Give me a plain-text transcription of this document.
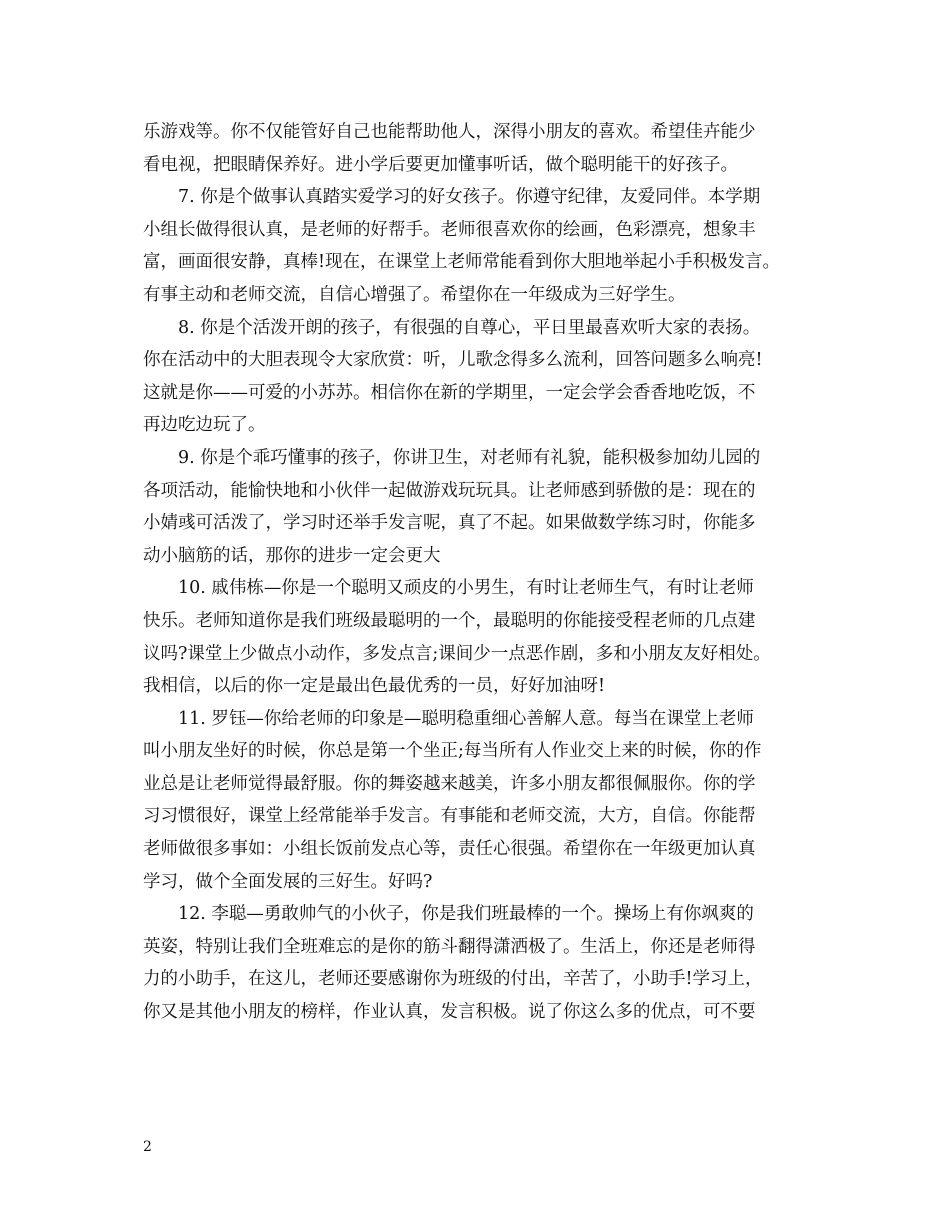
乐游戏等。你不仅能管好自己也能帮助他人，深得小朋友的喜欢。希望佳卉能少
看电视，把眼睛保养好。进小学后要更加懂事听话，做个聪明能干的好孩子。
7. 你是个做事认真踏实爱学习的好女孩子。你遵守纪律，友爱同伴。本学期
小组长做得很认真，是老师的好帮手。老师很喜欢你的绘画，色彩漂亮，想象丰
富，画面很安静，真棒!现在，在课堂上老师常能看到你大胆地举起小手积极发言。
有事主动和老师交流，自信心增强了。希望你在一年级成为三好学生。
8. 你是个活泼开朗的孩子，有很强的自尊心，平日里最喜欢听大家的表扬。
你在活动中的大胆表现令大家欣赏：听，儿歌念得多么流利，回答问题多么响亮!
这就是你——可爱的小苏苏。相信你在新的学期里，一定会学会香香地吃饭，不
再边吃边玩了。
9. 你是个乖巧懂事的孩子，你讲卫生，对老师有礼貌，能积极参加幼儿园的
各项活动，能愉快地和小伙伴一起做游戏玩玩具。让老师感到骄傲的是：现在的
小婧彧可活泼了，学习时还举手发言呢，真了不起。如果做数学练习时，你能多
动小脑筋的话，那你的进步一定会更大
10. 戚伟栋—你是一个聪明又顽皮的小男生，有时让老师生气，有时让老师
快乐。老师知道你是我们班级最聪明的一个，最聪明的你能接受程老师的几点建
议吗?课堂上少做点小动作，多发点言;课间少一点恶作剧，多和小朋友友好相处。
我相信，以后的你一定是最出色最优秀的一员，好好加油呀!
11. 罗钰—你给老师的印象是—聪明稳重细心善解人意。每当在课堂上老师
叫小朋友坐好的时候，你总是第一个坐正;每当所有人作业交上来的时候，你的作
业总是让老师觉得最舒服。你的舞姿越来越美，许多小朋友都很佩服你。你的学
习习惯很好，课堂上经常能举手发言。有事能和老师交流，大方，自信。你能帮
老师做很多事如：小组长饭前发点心等，责任心很强。希望你在一年级更加认真
学习，做个全面发展的三好生。好吗?
12. 李聪—勇敢帅气的小伙子，你是我们班最棒的一个。操场上有你飒爽的
英姿，特别让我们全班难忘的是你的筋斗翻得潇洒极了。生活上，你还是老师得
力的小助手，在这儿，老师还要感谢你为班级的付出，辛苦了，小助手!学习上，
你又是其他小朋友的榜样，作业认真，发言积极。说了你这么多的优点，可不要
2
